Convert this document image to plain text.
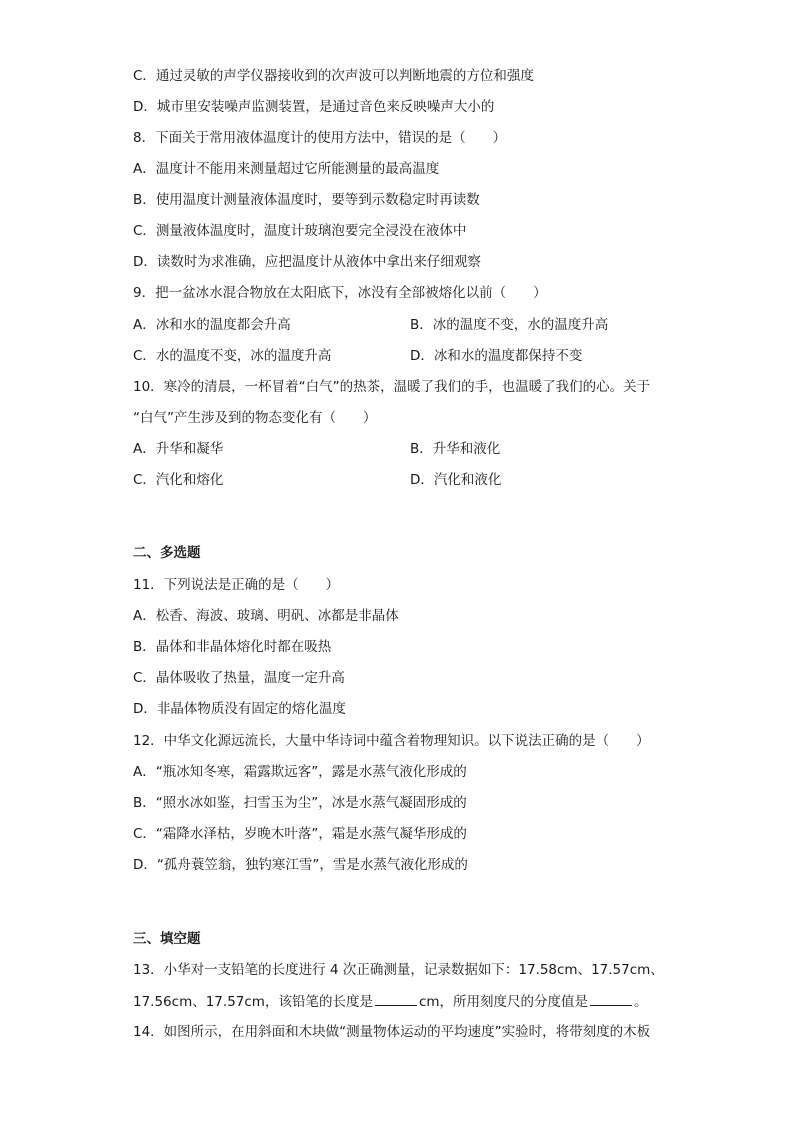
C．通过灵敏的声学仪器接收到的次声波可以判断地震的方位和强度
D．城市里安装噪声监测装置，是通过音色来反映噪声大小的
8．下面关于常用液体温度计的使用方法中，错误的是（　　）
A．温度计不能用来测量超过它所能测量的最高温度
B．使用温度计测量液体温度时，要等到示数稳定时再读数
C．测量液体温度时，温度计玻璃泡要完全浸没在液体中
D．读数时为求准确，应把温度计从液体中拿出来仔细观察
9．把一盆冰水混合物放在太阳底下，冰没有全部被熔化以前（　　）
A．冰和水的温度都会升高	B．冰的温度不变，水的温度升高
C．水的温度不变，冰的温度升高	D．冰和水的温度都保持不变
10．寒冷的清晨，一杯冒着“白气”的热茶，温暖了我们的手，也温暖了我们的心。关于
“白气”产生涉及到的物态变化有（　　）
A．升华和凝华	B．升华和液化
C．汽化和熔化	D．汽化和液化
二、多选题
11．下列说法是正确的是（　　）
A．松香、海波、玻璃、明矾、冰都是非晶体
B．晶体和非晶体熔化时都在吸热
C．晶体吸收了热量，温度一定升高
D．非晶体物质没有固定的熔化温度
12．中华文化源远流长，大量中华诗词中蕴含着物理知识。以下说法正确的是（　　）
A．“瓶冰知冬寒，霜露欺远客”，露是水蒸气液化形成的
B．“照水冰如鉴，扫雪玉为尘”，冰是水蒸气凝固形成的
C．“霜降水泽枯，岁晚木叶落”，霜是水蒸气凝华形成的
D．“孤舟蓑笠翁，独钓寒江雪”，雪是水蒸气液化形成的
三、填空题
13．小华对一支铅笔的长度进行 4 次正确测量，记录数据如下：17.58cm、17.57cm、
17.56cm、17.57cm，该铅笔的长度是	cm，所用刻度尺的分度值是	。
14．如图所示，在用斜面和木块做“测量物体运动的平均速度”实验时，将带刻度的木板
